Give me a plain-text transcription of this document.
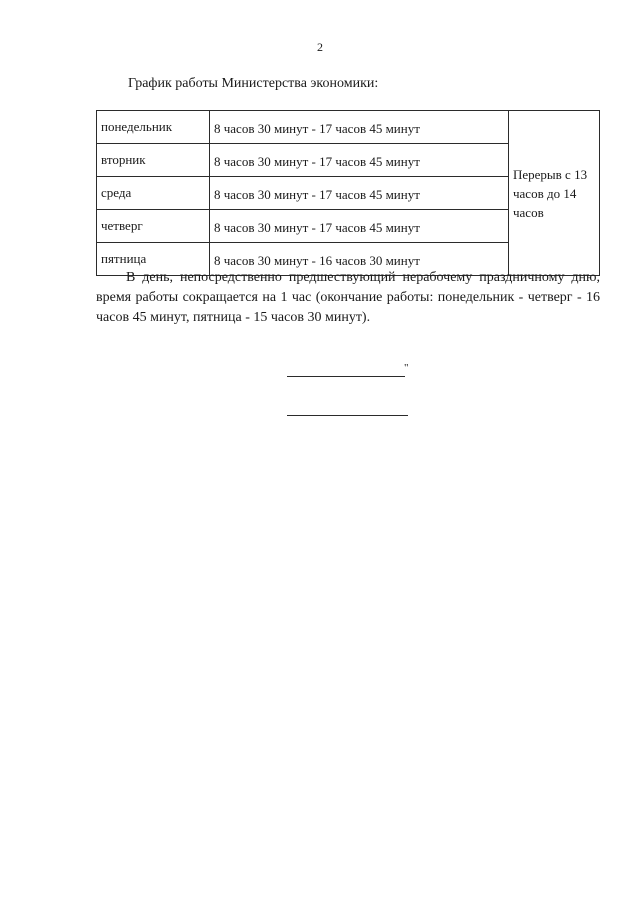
2
График работы Министерства экономики:
понедельник	8 часов 30 минут - 17 часов 45 минут	Перерыв с 13 часов до 14 часов
вторник	8 часов 30 минут - 17 часов 45 минут	
среда	8 часов 30 минут - 17 часов 45 минут	
четверг	8 часов 30 минут - 17 часов 45 минут	
пятница	8 часов 30 минут - 16 часов 30 минут	
В день, непосредственно предшествующий нерабочему праздничному дню, время работы сокращается на 1 час (окончание работы: понедельник - четверг - 16 часов 45 минут, пятница - 15 часов 30 минут).
"
